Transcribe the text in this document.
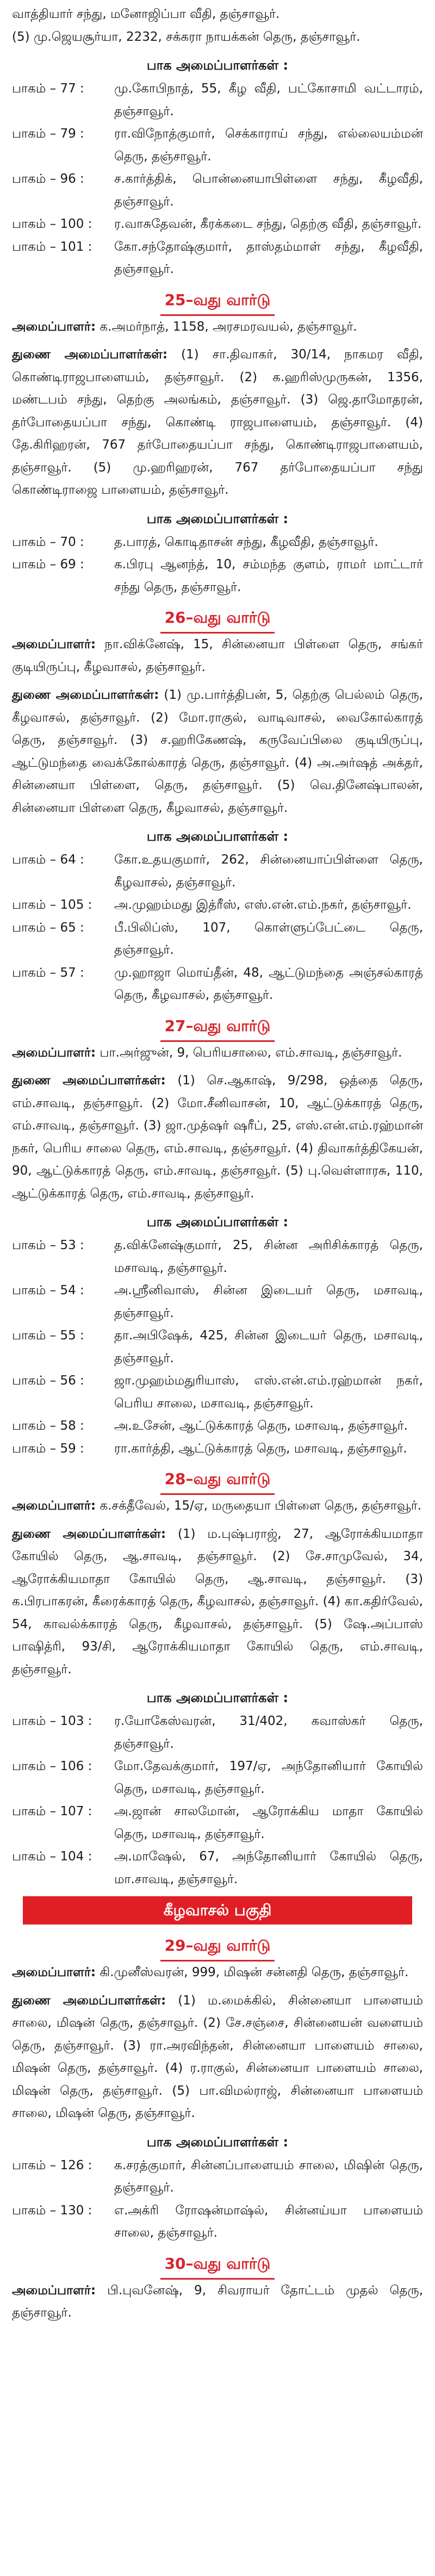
வாத்தியார் சந்து, மனோஜிப்பா வீதி, தஞ்சாவூர்.
(5) மு.ஜெயசூர்யா, 2232, சக்கரா நாயக்கன் தெரு, தஞ்சாவூர்.
பாக அமைப்பாளர்கள் :
பாகம் – 77 :	மு.கோபிநாத், 55, கீழ வீதி, பட்கோசாமி வட்டாரம், தஞ்சாவூர்.
பாகம் – 79 :	ரா.விநோத்குமார், செக்காராய் சந்து, எல்லையம்மன் தெரு, தஞ்சாவூர்.
பாகம் – 96 :	ச.கார்த்திக், பொன்னையாபிள்ளை சந்து, கீழவீதி, தஞ்சாவூர்.
பாகம் – 100 :	ர.வாசுதேவன், கீரக்கடை சந்து, தெற்கு வீதி, தஞ்சாவூர்.
பாகம் – 101 :	கோ.சந்தோஷ்குமார், தாஸ்தம்மாள் சந்து, கீழவீதி, தஞ்சாவூர்.
25–வது வார்டு
அமைப்பாளர்: க.அமர்நாத், 1158, அரசமரவயல், தஞ்சாவூர்.
துணை அமைப்பாளர்கள்: (1) சா.திவாகர், 30/14, நாகமர வீதி, கொண்டிராஜபாளையம், தஞ்சாவூர். (2) க.ஹரிஸ்முருகன், 1356, மண்டபம் சந்து, தெற்கு அலங்கம், தஞ்சாவூர். (3) ஜெ.தாமோதரன், தர்போதையப்பா சந்து, கொண்டி ராஜபாளையம், தஞ்சாவூர். (4) தே.கிரிஹரன், 767 தர்போதையப்பா சந்து, கொண்டிராஜபாளையம், தஞ்சாவூர். (5) மு.ஹரிஹரன், 767 தர்போதையப்பா சந்து கொண்டிராஜை பாளையம், தஞ்சாவூர்.
பாக அமைப்பாளர்கள் :
பாகம் – 70 :	த.பாரத், கொடிதாசன் சந்து, கீழவீதி, தஞ்சாவூர்.
பாகம் – 69 :	க.பிரபு ஆனந்த், 10, சம்மந்த குளம், ராமர் மாட்டார் சந்து தெரு, தஞ்சாவூர்.
26–வது வார்டு
அமைப்பாளர்: நா.விக்னேஷ், 15, சின்னையா பிள்ளை தெரு, சங்கர் குடியிருப்பு, கீழவாசல், தஞ்சாவூர்.
துணை அமைப்பாளர்கள்: (1) மு.பார்த்திபன், 5, தெற்கு பெல்லம் தெரு, கீழவாசல், தஞ்சாவூர். (2) மோ.ராகுல், வாடிவாசல், வைகோல்காரத் தெரு, தஞ்சாவூர். (3) ச.ஹரிகேணஷ், கருவேப்பிலை குடியிருப்பு, ஆட்டுமந்தை வைக்கோல்காரத் தெரு, தஞ்சாவூர். (4) அ.அர்ஷத் அக்தர், சின்னையா பிள்ளை, தெரு, தஞ்சாவூர். (5) வெ.தினேஷ்பாலன், சின்னையா பிள்ளை தெரு, கீழவாசல், தஞ்சாவூர்.
பாக அமைப்பாளர்கள் :
பாகம் – 64 :	கோ.உதயகுமார், 262, சின்னையாப்பிள்ளை தெரு, கீழவாசல், தஞ்சாவூர்.
பாகம் – 105 :	அ.முஹம்மது இத்ரீஸ், எஸ்.என்.எம்.நகர், தஞ்சாவூர்.
பாகம் – 65 :	பீ.பிலிப்ஸ், 107, கொள்ளுப்பேட்டை தெரு, தஞ்சாவூர்.
பாகம் – 57 :	மு.ஹாஜா மொய்தீன், 48, ஆட்டுமந்தை அஞ்சல்காரத் தெரு, கீழவாசல், தஞ்சாவூர்.
27–வது வார்டு
அமைப்பாளர்: பா.அர்ஜுன், 9, பெரியசாலை, எம்.சாவடி, தஞ்சாவூர்.
துணை அமைப்பாளர்கள்: (1) செ.ஆகாஷ், 9/298, ஒத்தை தெரு, எம்.சாவடி, தஞ்சாவூர். (2) மோ.சீனிவாசன், 10, ஆட்டுக்காரத் தெரு, எம்.சாவடி, தஞ்சாவூர். (3) ஜா.முத்ஷர் ஷரீப், 25, எஸ்.என்.எம்.ரஹ்மான் நகர், பெரிய சாலை தெரு, எம்.சாவடி, தஞ்சாவூர். (4) திவாகர்த்திகேயன், 90, ஆட்டுக்காரத் தெரு, எம்.சாவடி, தஞ்சாவூர். (5) பு.வெள்ளாரசு, 110, ஆட்டுக்காரத் தெரு, எம்.சாவடி, தஞ்சாவூர்.
பாக அமைப்பாளர்கள் :
பாகம் – 53 :	த.விக்னேஷ்குமார், 25, சின்ன அரிசிக்காரத் தெரு, மசாவடி, தஞ்சாவூர்.
பாகம் – 54 :	அ.ஸ்ரீனிவாஸ், சின்ன இடையர் தெரு, மசாவடி, தஞ்சாவூர்.
பாகம் – 55 :	தா.அபிஷேக், 425, சின்ன இடையர் தெரு, மசாவடி, தஞ்சாவூர்.
பாகம் – 56 :	ஜா.முஹம்மதுரியாஸ், எஸ்.என்.எம்.ரஹ்மான் நகர், பெரிய சாலை, மசாவடி, தஞ்சாவூர்.
பாகம் – 58 :	அ.உசேன், ஆட்டுக்காரத் தெரு, மசாவடி, தஞ்சாவூர்.
பாகம் – 59 :	ரா.கார்த்தி, ஆட்டுக்காரத் தெரு, மசாவடி, தஞ்சாவூர்.
28–வது வார்டு
அமைப்பாளர்: க.சக்தீவேல், 15/ஏ, மருதையா பிள்ளை தெரு, தஞ்சாவூர்.
துணை அமைப்பாளர்கள்: (1) ம.புஷ்பராஜ், 27, ஆரோக்கியமாதா கோயில் தெரு, ஆ.சாவடி, தஞ்சாவூர். (2) சே.சாமுவேல், 34, ஆரோக்கியமாதா கோயில் தெரு, ஆ.சாவடி, தஞ்சாவூர். (3) க.பிரபாகரன், கீரைக்காரத் தெரு, கீழவாசல், தஞ்சாவூர். (4) கா.கதிர்வேல், 54, காவல்க்காரத் தெரு, கீழவாசல், தஞ்சாவூர். (5) ஷே.அப்பாஸ் பாஷித்ரி, 93/சி, ஆரோக்கியமாதா கோயில் தெரு, எம்.சாவடி, தஞ்சாவூர்.
பாக அமைப்பாளர்கள் :
பாகம் – 103 :	ர.யோகேஸ்வரன், 31/402, கவாஸ்கர் தெரு, தஞ்சாவூர்.
பாகம் – 106 :	மோ.தேவக்குமார், 197/ஏ, அந்தோனியார் கோயில் தெரு, மசாவடி, தஞ்சாவூர்.
பாகம் – 107 :	அ.ஜான் சாலமோன், ஆரோக்கிய மாதா கோயில் தெரு, மசாவடி, தஞ்சாவூர்.
பாகம் – 104 :	அ.மாஷேல், 67, அந்தோனியார் கோயில் தெரு, மா.சாவடி, தஞ்சாவூர்.
கீழவாசல் பகுதி
29–வது வார்டு
அமைப்பாளர்: கி.முனீஸ்வரன், 999, மிஷன் சன்னதி தெரு, தஞ்சாவூர்.
துணை அமைப்பாளர்கள்: (1) ம.மைக்கில், சின்னையா பாளையம் சாலை, மிஷன் தெரு, தஞ்சாவூர். (2) சே.சஞ்சை, சின்னையன் வளையம் தெரு, தஞ்சாவூர். (3) ரா.அரவிந்தன், சின்னையா பாளையம் சாலை, மிஷன் தெரு, தஞ்சாவூர். (4) ர.ராகுல், சின்னையா பாளையம் சாலை, மிஷன் தெரு, தஞ்சாவூர். (5) பா.விமல்ராஜ், சின்னையா பாளையம் சாலை, மிஷன் தெரு, தஞ்சாவூர்.
பாக அமைப்பாளர்கள் :
பாகம் – 126 :	க.சரத்குமார், சின்னப்பாளையம் சாலை, மிஷின் தெரு, தஞ்சாவூர்.
பாகம் – 130 :	எ.அக்ரி ரோஷன்மாஷ்ல், சின்னய்யா பாளையம் சாலை, தஞ்சாவூர்.
30–வது வார்டு
அமைப்பாளர்: பி.புவனேஷ், 9, சிவராயர் தோட்டம் முதல் தெரு, தஞ்சாவூர்.
